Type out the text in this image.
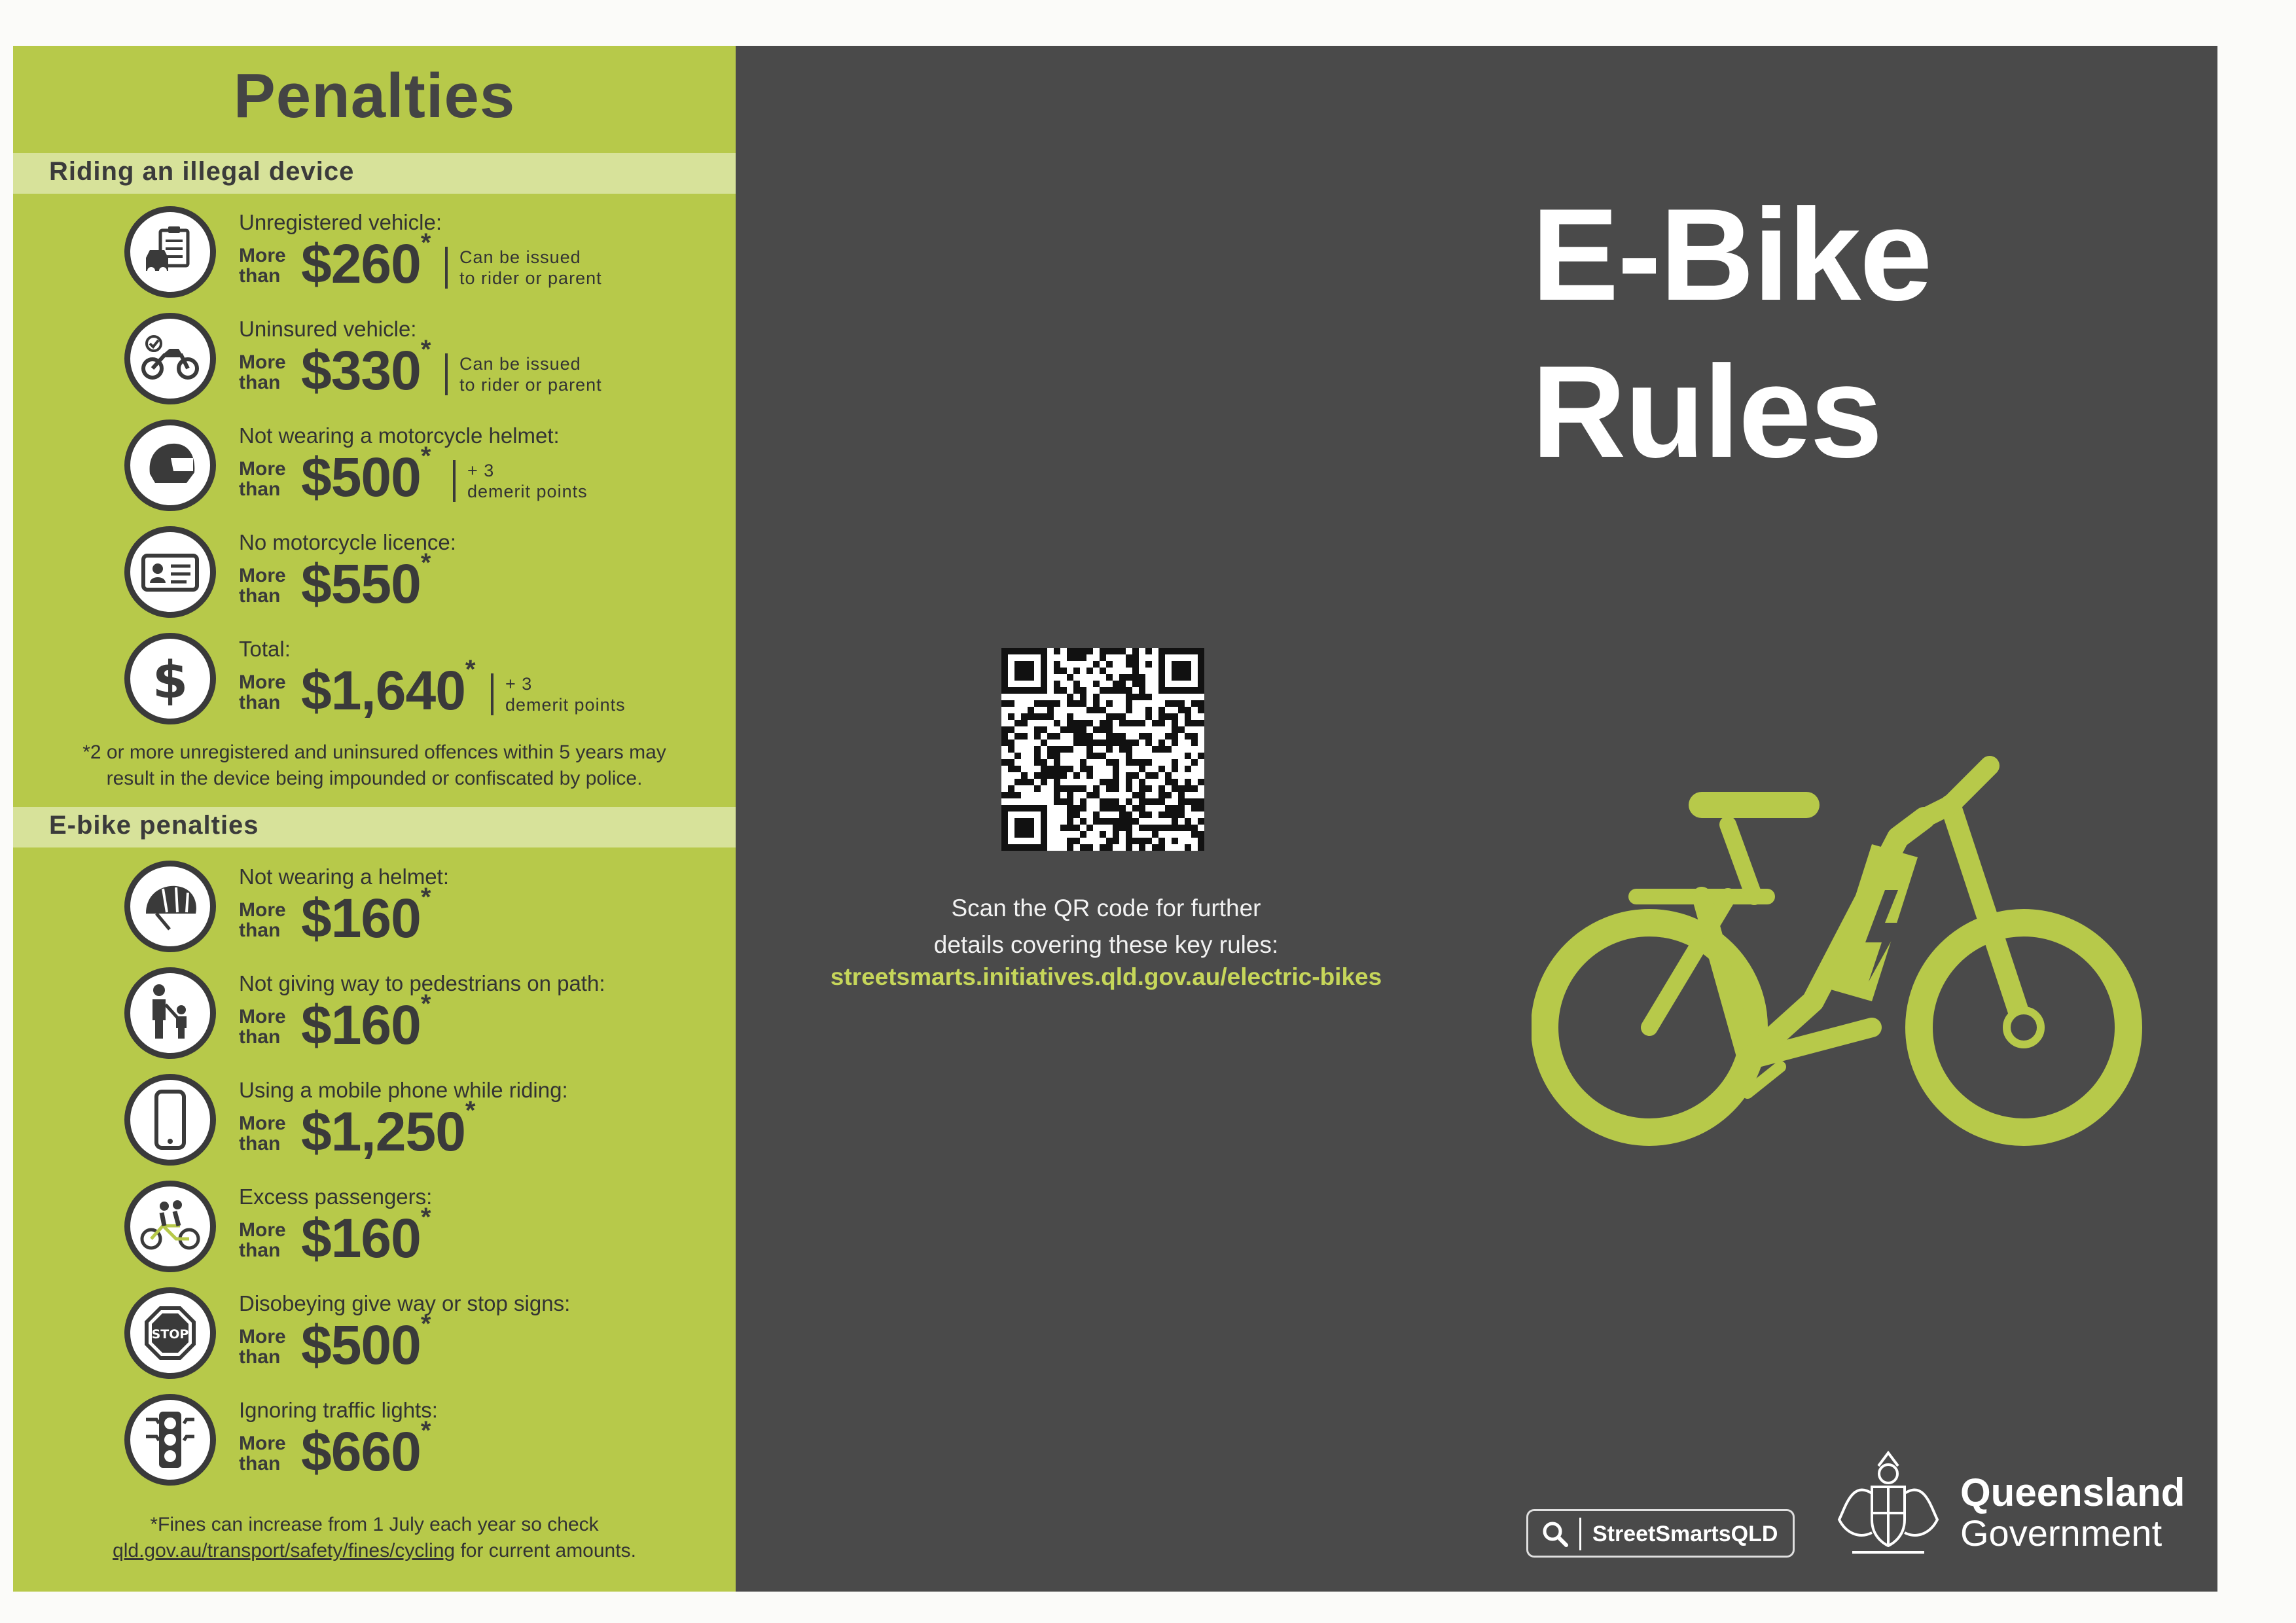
Penalties
Riding an illegal device
Unregistered vehicle:
More
than $260* Can be issued
to rider or parent
Uninsured vehicle:
More
than $330* Can be issued
to rider or parent
Not wearing a motorcycle helmet:
More
than $500* + 3
demerit points
No motorcycle licence:
More
than $550*
$
Total:
More
than $1,640* + 3
demerit points
*2 or more unregistered and uninsured offences within 5 years may
result in the device being impounded or confiscated by police.
E-bike penalties
Not wearing a helmet:
More
than $160*
Not giving way to pedestrians on path:
More
than $160*
Using a mobile phone while riding:
More
than $1,250*
Excess passengers:
More
than $160*
STOP
Disobeying give way or stop signs:
More
than $500*
Ignoring traffic lights:
More
than $660*
*Fines can increase from 1 July each year so check
qld.gov.au/transport/safety/fines/cycling for current amounts.
E-Bike
Rules
Scan the QR code for further
details covering these key rules:
streetsmarts.initiatives.qld.gov.au/electric-bikes
StreetSmartsQLD
Queensland
Government
